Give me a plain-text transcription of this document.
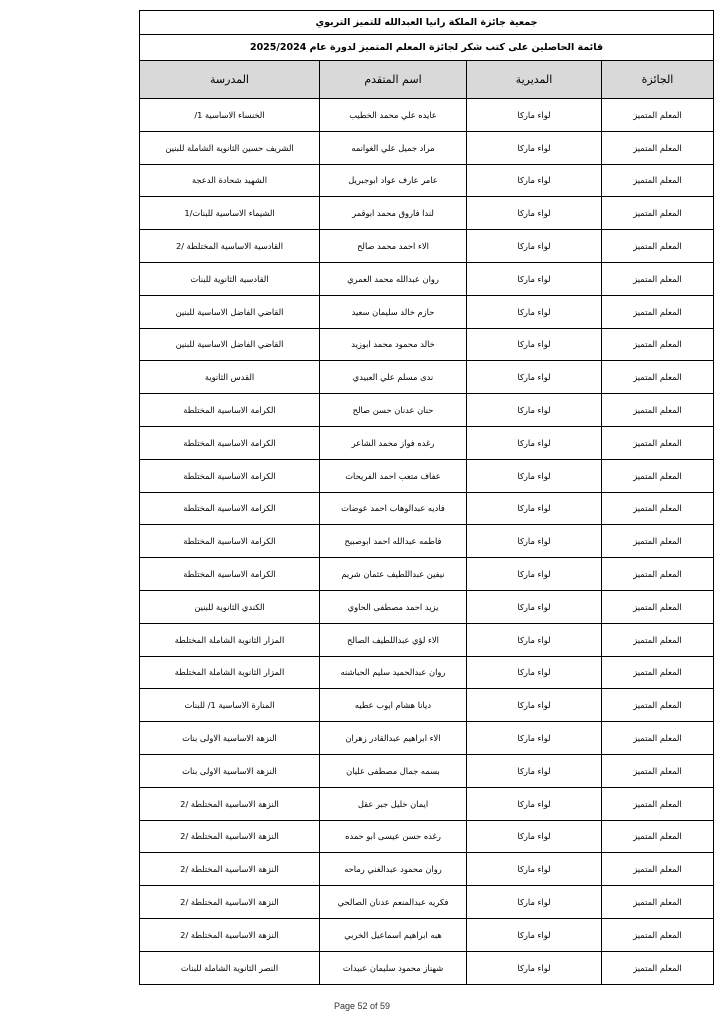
جمعية جائزة الملكة رانيا العبدالله للتميز التربوي			
قائمة الحاصلين على كتب شكر لجائزة المعلم المتميز لدورة عام 2025/2024			
الجائزة	المديرية	اسم المتقدم	المدرسة
المعلم المتميز	لواء ماركا	عايده علي محمد الخطيب	الخنساء الاساسية 1/
المعلم المتميز	لواء ماركا	مراد جميل علي الغوانمه	الشريف حسين الثانوية الشاملة للبنين
المعلم المتميز	لواء ماركا	عامر عارف عواد ابوجبريل	الشهيد شحادة الدعجة
المعلم المتميز	لواء ماركا	لندا فاروق محمد ابوقمر	الشيماء الاساسية للبنات/1
المعلم المتميز	لواء ماركا	الاء احمد محمد صالح	القادسية الاساسية المختلطة /2
المعلم المتميز	لواء ماركا	روان عبدالله محمد العمري	القادسية الثانوية للبنات
المعلم المتميز	لواء ماركا	حازم خالد سليمان سعيد	القاضي الفاضل الاساسية للبنين
المعلم المتميز	لواء ماركا	خالد محمود محمد ابوزيد	القاضي الفاضل الاساسية للبنين
المعلم المتميز	لواء ماركا	ندى مسلم علي العبيدي	القدس الثانوية
المعلم المتميز	لواء ماركا	حنان عدنان حسن صالح	الكرامة الاساسية المختلطة
المعلم المتميز	لواء ماركا	رغده فواز محمد الشاعر	الكرامة الاساسية المختلطة
المعلم المتميز	لواء ماركا	عفاف متعب احمد الفريحات	الكرامة الاساسية المختلطة
المعلم المتميز	لواء ماركا	فاديه عبدالوهاب احمد عوضات	الكرامة الاساسية المختلطة
المعلم المتميز	لواء ماركا	فاطمه عبدالله احمد ابوصبيح	الكرامة الاساسية المختلطة
المعلم المتميز	لواء ماركا	نيفين عبداللطيف عثمان شريم	الكرامة الاساسية المختلطة
المعلم المتميز	لواء ماركا	يزيد احمد مصطفى الحاوي	الكندي الثانوية للبنين
المعلم المتميز	لواء ماركا	الاء لؤي عبداللطيف الصالح	المزار الثانوية الشاملة المختلطة
المعلم المتميز	لواء ماركا	روان عبدالحميد سليم الحباشنه	المزار الثانوية الشاملة المختلطة
المعلم المتميز	لواء ماركا	ديانا هشام ايوب عطيه	المنارة الاساسية 1/ للبنات
المعلم المتميز	لواء ماركا	الاء ابراهيم عبدالقادر زهران	النزهة الاساسية الاولى بنات
المعلم المتميز	لواء ماركا	بسمه جمال مصطفى عليان	النزهة الاساسية الاولى بنات
المعلم المتميز	لواء ماركا	ايمان خليل جبر عقل	النزهة الاساسية المختلطة /2
المعلم المتميز	لواء ماركا	رغده حسن عيسى ابو حمده	النزهة الاساسية المختلطة /2
المعلم المتميز	لواء ماركا	روان محمود عبدالغني رماحه	النزهة الاساسية المختلطة /2
المعلم المتميز	لواء ماركا	فكريه عبدالمنعم عدنان الصالحي	النزهة الاساسية المختلطة /2
المعلم المتميز	لواء ماركا	هبه ابراهيم اسماعيل الخربي	النزهة الاساسية المختلطة /2
المعلم المتميز	لواء ماركا	شهناز محمود سليمان عبيدات	النصر الثانوية الشاملة للبنات
Page 52 of 59
